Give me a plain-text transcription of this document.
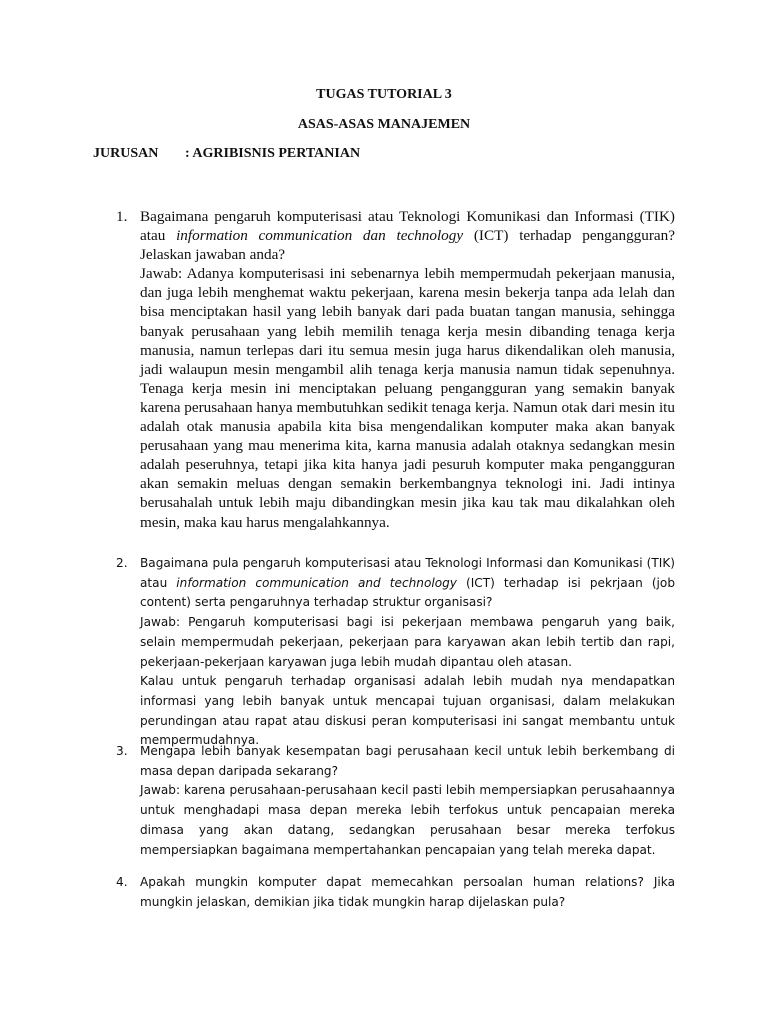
TUGAS TUTORIAL 3
ASAS-ASAS MANAJEMEN
JURUSAN : AGRIBISNIS PERTANIAN
1. Bagaimana pengaruh komputerisasi atau Teknologi Komunikasi dan Informasi (TIK) atau information communication dan technology (ICT) terhadap pengangguran? Jelaskan jawaban anda?

Jawab: Adanya komputerisasi ini sebenarnya lebih mempermudah pekerjaan manusia, dan juga lebih menghemat waktu pekerjaan, karena mesin bekerja tanpa ada lelah dan bisa menciptakan hasil yang lebih banyak dari pada buatan tangan manusia, sehingga banyak perusahaan yang lebih memilih tenaga kerja mesin dibanding tenaga kerja manusia, namun terlepas dari itu semua mesin juga harus dikendalikan oleh manusia, jadi walaupun mesin mengambil alih tenaga kerja manusia namun tidak sepenuhnya. Tenaga kerja mesin ini menciptakan peluang pengangguran yang semakin banyak karena perusahaan hanya membutuhkan sedikit tenaga kerja. Namun otak dari mesin itu adalah otak manusia apabila kita bisa mengendalikan komputer maka akan banyak perusahaan yang mau menerima kita, karna manusia adalah otaknya sedangkan mesin adalah peseruhnya, tetapi jika kita hanya jadi pesuruh komputer maka pengangguran akan semakin meluas dengan semakin berkembangnya teknologi ini. Jadi intinya berusahalah untuk lebih maju dibandingkan mesin jika kau tak mau dikalahkan oleh mesin, maka kau harus mengalahkannya.

2. Bagaimana pula pengaruh komputerisasi atau Teknologi Informasi dan Komunikasi (TIK) atau information communication and technology (ICT) terhadap isi pekrjaan (job content) serta pengaruhnya terhadap struktur organisasi?

Jawab: Pengaruh komputerisasi bagi isi pekerjaan membawa pengaruh yang baik, selain mempermudah pekerjaan, pekerjaan para karyawan akan lebih tertib dan rapi, pekerjaan-pekerjaan karyawan juga lebih mudah dipantau oleh atasan.

Kalau untuk pengaruh terhadap organisasi adalah lebih mudah nya mendapatkan informasi yang lebih banyak untuk mencapai tujuan organisasi, dalam melakukan perundingan atau rapat atau diskusi peran komputerisasi ini sangat membantu untuk mempermudahnya.

3. Mengapa lebih banyak kesempatan bagi perusahaan kecil untuk lebih berkembang di masa depan daripada sekarang?

Jawab: karena perusahaan-perusahaan kecil pasti lebih mempersiapkan perusahaannya untuk menghadapi masa depan mereka lebih terfokus untuk pencapaian mereka dimasa yang akan datang, sedangkan perusahaan besar mereka terfokus mempersiapkan bagaimana mempertahankan pencapaian yang telah mereka dapat.

4. Apakah mungkin komputer dapat memecahkan persoalan human relations? Jika mungkin jelaskan, demikian jika tidak mungkin harap dijelaskan pula?
